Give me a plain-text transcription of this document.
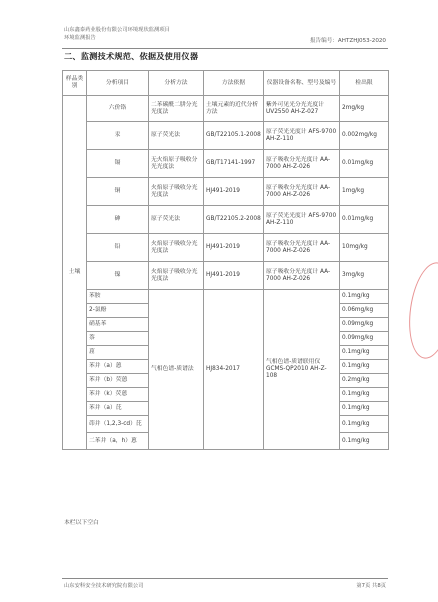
山东鑫泰药业股份有限公司环境现状监测项目
环境监测报告	报告编号：AHTZHJ053-2020
二、监测技术规范、依据及使用仪器
样品类别	分析项目	分析方法	方法依据	仪器设备名称、型号及编号	检出限
土壤	六价铬	二苯碳酰二肼分光光度法	土壤元素的近代分析方法	紫外可见光分光光度计 UV2550 AH-Z-027	2mg/kg
	汞	原子荧光法	GB/T22105.1-2008	原子荧光光度计 AFS-9700 AH-Z-110	0.002mg/kg
	镉	无火焰原子吸收分光光度法	GB/T17141-1997	原子吸收分光光度计 AA-7000 AH-Z-026	0.01mg/kg
	铜	火焰原子吸收分光光度法	HJ491-2019	原子吸收分光光度计 AA-7000 AH-Z-026	1mg/kg
	砷	原子荧光法	GB/T22105.2-2008	原子荧光光度计 AFS-9700 AH-Z-110	0.01mg/kg
	铅	火焰原子吸收分光光度法	HJ491-2019	原子吸收分光光度计 AA-7000 AH-Z-026	10mg/kg
	镍	火焰原子吸收分光光度法	HJ491-2019	原子吸收分光光度计 AA-7000 AH-Z-026	3mg/kg
	苯胺	气相色谱-质谱法	HJ834-2017	气相色谱-质谱联用仪 GCMS-QP2010 AH-Z-108	0.1mg/kg
	2-氯酚				0.06mg/kg
	硝基苯				0.09mg/kg
	萘				0.09mg/kg
	䓛				0.1mg/kg
	苯并（a）蒽				0.1mg/kg
	苯并（b）荧蒽				0.2mg/kg
	苯并（k）荧蒽				0.1mg/kg
	苯并（a）芘				0.1mg/kg
	茚并（1,2,3-cd）芘				0.1mg/kg
	二苯并（a，h）蒽				0.1mg/kg
本栏以下空白
山东安科安全技术研究院有限公司	第7页 共8页
